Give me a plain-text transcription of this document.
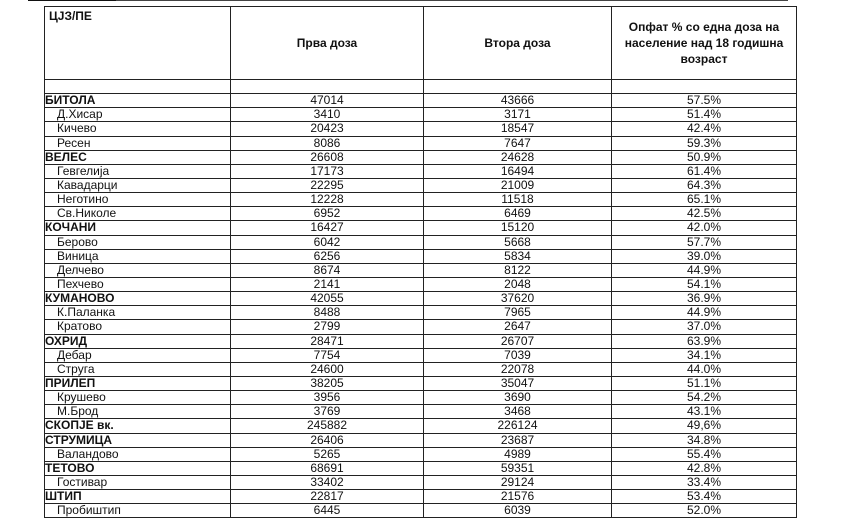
ЦЈЗ/ПЕ	Прва доза	Втора доза	Опфат % со една доза на население над 18 годишна возраст

БИТОЛА	47014	43666	57.5%
Д.Хисар	3410	3171	51.4%
Кичево	20423	18547	42.4%
Ресен	8086	7647	59.3%
ВЕЛЕС	26608	24628	50.9%
Гевгелија	17173	16494	61.4%
Кавадарци	22295	21009	64.3%
Неготино	12228	11518	65.1%
Св.Николе	6952	6469	42.5%
КОЧАНИ	16427	15120	42.0%
Берово	6042	5668	57.7%
Виница	6256	5834	39.0%
Делчево	8674	8122	44.9%
Пехчево	2141	2048	54.1%
КУМАНОВО	42055	37620	36.9%
К.Паланка	8488	7965	44.9%
Кратово	2799	2647	37.0%
ОХРИД	28471	26707	63.9%
Дебар	7754	7039	34.1%
Струга	24600	22078	44.0%
ПРИЛЕП	38205	35047	51.1%
Крушево	3956	3690	54.2%
М.Брод	3769	3468	43.1%
СКОПЈЕ вк.	245882	226124	49,6%
СТРУМИЦА	26406	23687	34.8%
Валандово	5265	4989	55.4%
ТЕТОВО	68691	59351	42.8%
Гостивар	33402	29124	33.4%
ШТИП	22817	21576	53.4%
Пробиштип	6445	6039	52.0%
